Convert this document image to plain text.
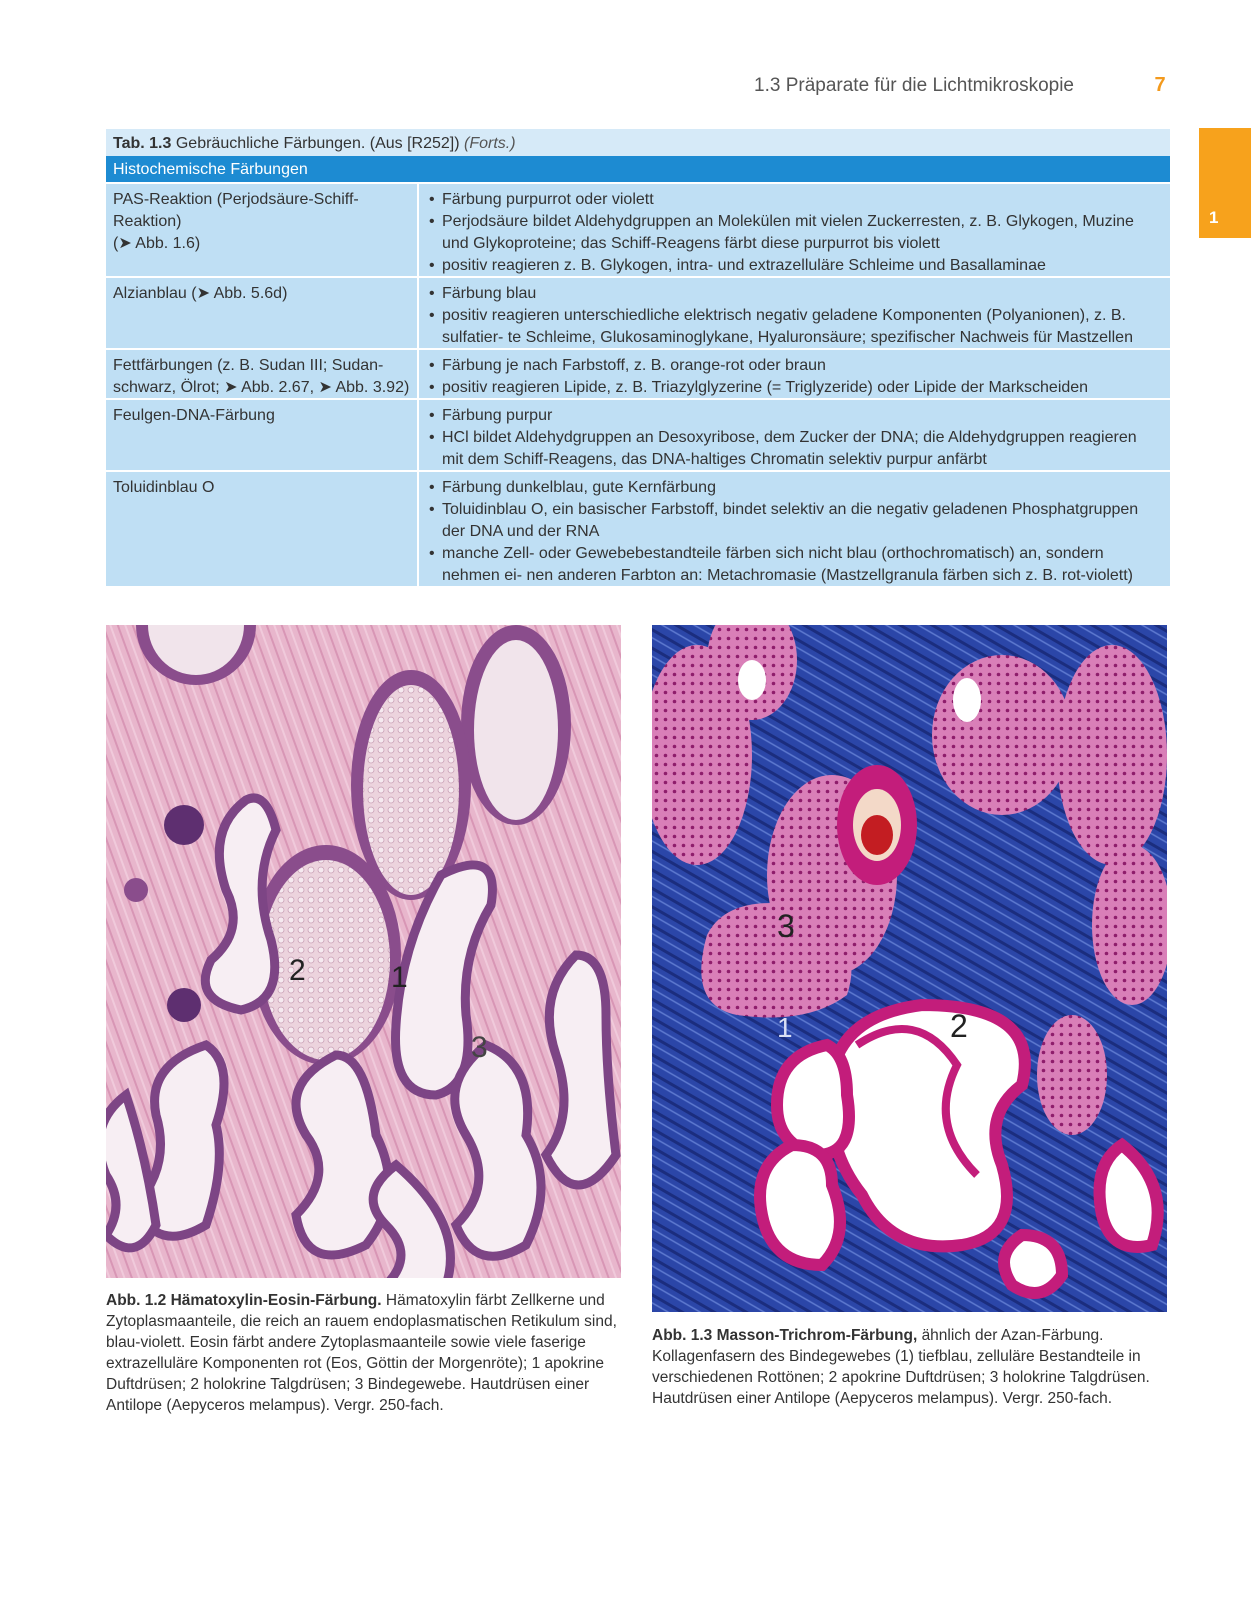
1.3 Präparate für die Lichtmikroskopie	7
1
Tab. 1.3 Gebräuchliche Färbungen. (Aus [R252]) (Forts.)
Histochemische Färbungen
PAS-Reaktion (Perjodsäure-Schiff-Reaktion)
(➤ Abb. 1.6)
• Färbung purpurrot oder violett
• Perjodsäure bildet Aldehydgruppen an Molekülen mit vielen Zuckerresten, z. B. Glykogen, Muzine und Glykoproteine; das Schiff-Reagens färbt diese purpurrot bis violett
• positiv reagieren z. B. Glykogen, intra- und extrazelluläre Schleime und Basallaminae
Alzianblau (➤ Abb. 5.6d)	• Färbung blau
• positiv reagieren unterschiedliche elektrisch negativ geladene Komponenten (Polyanionen), z. B. sulfatier- te Schleime, Glukosaminoglykane, Hyaluronsäure; spezifischer Nachweis für Mastzellen
Fettfärbungen (z. B. Sudan III; Sudan-
schwarz, Ölrot; ➤ Abb. 2.67, ➤ Abb. 3.92)
• Färbung je nach Farbstoff, z. B. orange-rot oder braun
• positiv reagieren Lipide, z. B. Triazylglyzerine (= Triglyzeride) oder Lipide der Markscheiden
Feulgen-DNA-Färbung	• Färbung purpur
• HCl bildet Aldehydgruppen an Desoxyribose, dem Zucker der DNA; die Aldehydgruppen reagieren mit dem Schiff-Reagens, das DNA-haltiges Chromatin selektiv purpur anfärbt
Toluidinblau O	• Färbung dunkelblau, gute Kernfärbung
• Toluidinblau O, ein basischer Farbstoff, bindet selektiv an die negativ geladenen Phosphatgruppen der DNA und der RNA
• manche Zell- oder Gewebebestandteile färben sich nicht blau (orthochromatisch) an, sondern nehmen ei- nen anderen Farbton an: Metachromasie (Mastzellgranula färben sich z. B. rot-violett)
2	1
3
Abb. 1.2 Hämatoxylin-Eosin-Färbung. Hämatoxylin färbt Zellkerne und Zytoplasmaanteile, die reich an rauem endoplasmatischen Retikulum sind, blau-violett. Eosin färbt andere Zytoplasmaanteile sowie viele faserige extrazelluläre Komponenten rot (Eos, Göttin der Morgenröte); 1 apokrine Duftdrüsen; 2 holokrine Talgdrüsen; 3 Bindegewebe. Hautdrüsen einer Antilope (Aepyceros melampus). Vergr. 250-fach.
3
1	2
Abb. 1.3 Masson-Trichrom-Färbung, ähnlich der Azan-Färbung. Kollagenfasern des Bindegewebes (1) tiefblau, zelluläre Bestandteile in verschiedenen Rottönen; 2 apokrine Duftdrüsen; 3 holokrine Talgdrüsen. Hautdrüsen einer Antilope (Aepyceros melampus). Vergr. 250-fach.
